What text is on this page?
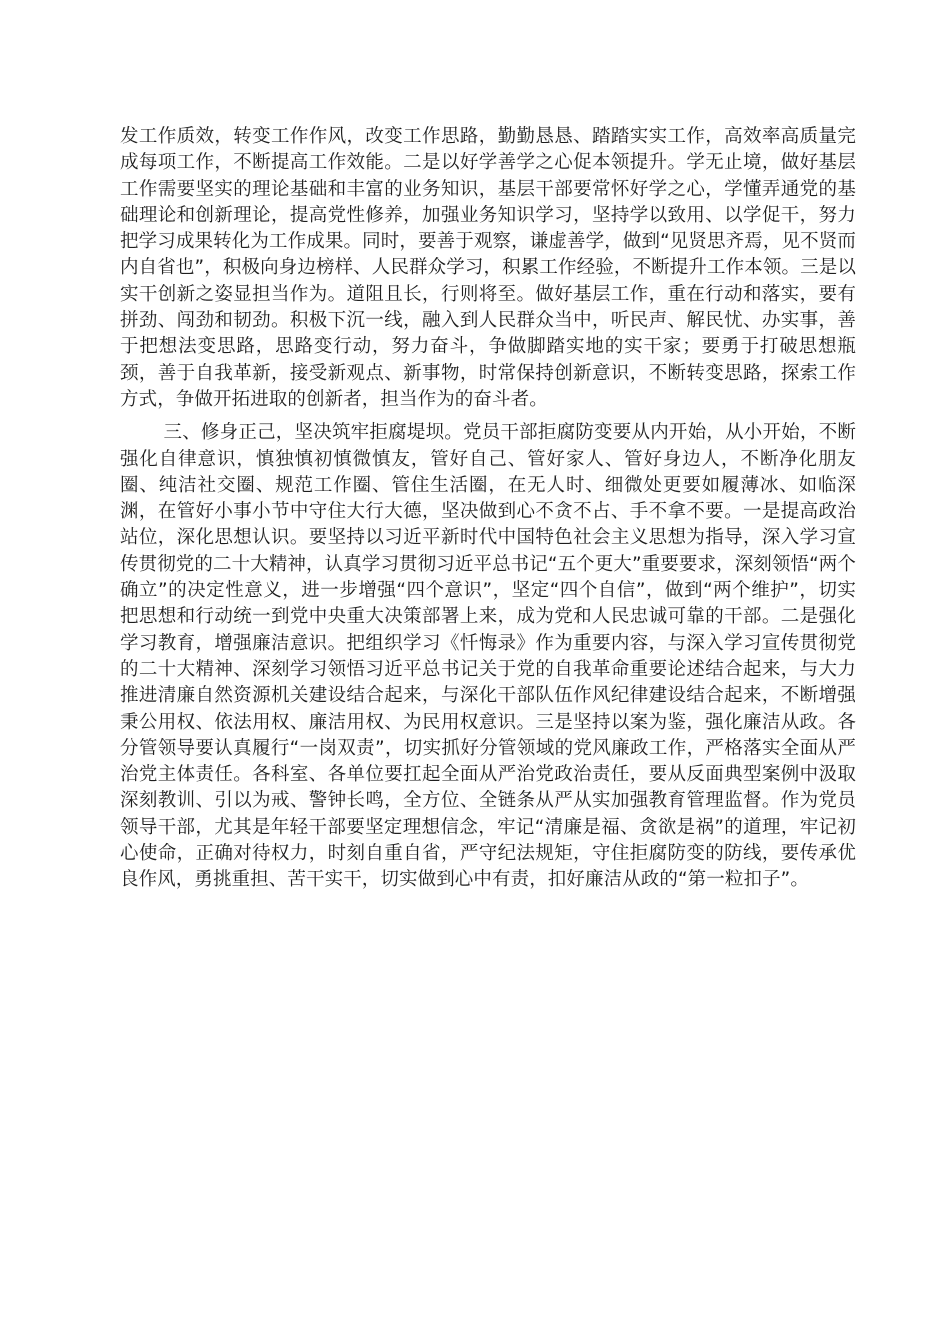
发工作质效，转变工作作风，改变工作思路，勤勤恳恳、踏踏实实工作，高效率高质量完成每项工作，不断提高工作效能。二是以好学善学之心促本领提升。学无止境，做好基层工作需要坚实的理论基础和丰富的业务知识，基层干部要常怀好学之心，学懂弄通党的基础理论和创新理论，提高党性修养，加强业务知识学习，坚持学以致用、以学促干，努力把学习成果转化为工作成果。同时，要善于观察，谦虚善学，做到“见贤思齐焉，见不贤而内自省也”，积极向身边榜样、人民群众学习，积累工作经验，不断提升工作本领。三是以实干创新之姿显担当作为。道阻且长，行则将至。做好基层工作，重在行动和落实，要有拼劲、闯劲和韧劲。积极下沉一线，融入到人民群众当中，听民声、解民忧、办实事，善于把想法变思路，思路变行动，努力奋斗，争做脚踏实地的实干家；要勇于打破思想瓶颈，善于自我革新，接受新观点、新事物，时常保持创新意识，不断转变思路，探索工作方式，争做开拓进取的创新者，担当作为的奋斗者。

三、修身正己，坚决筑牢拒腐堤坝。党员干部拒腐防变要从内开始，从小开始，不断强化自律意识，慎独慎初慎微慎友，管好自己、管好家人、管好身边人，不断净化朋友圈、纯洁社交圈、规范工作圈、管住生活圈，在无人时、细微处更要如履薄冰、如临深渊，在管好小事小节中守住大行大德，坚决做到心不贪不占、手不拿不要。一是提高政治站位，深化思想认识。要坚持以习近平新时代中国特色社会主义思想为指导，深入学习宣传贯彻党的二十大精神，认真学习贯彻习近平总书记“五个更大”重要要求，深刻领悟“两个确立”的决定性意义，进一步增强“四个意识”，坚定“四个自信”，做到“两个维护”，切实把思想和行动统一到党中央重大决策部署上来，成为党和人民忠诚可靠的干部。二是强化学习教育，增强廉洁意识。把组织学习《忏悔录》作为重要内容，与深入学习宣传贯彻党的二十大精神、深刻学习领悟习近平总书记关于党的自我革命重要论述结合起来，与大力推进清廉自然资源机关建设结合起来，与深化干部队伍作风纪律建设结合起来，不断增强秉公用权、依法用权、廉洁用权、为民用权意识。三是坚持以案为鉴，强化廉洁从政。各分管领导要认真履行“一岗双责”，切实抓好分管领域的党风廉政工作，严格落实全面从严治党主体责任。各科室、各单位要扛起全面从严治党政治责任，要从反面典型案例中汲取深刻教训、引以为戒、警钟长鸣，全方位、全链条从严从实加强教育管理监督。作为党员领导干部，尤其是年轻干部要坚定理想信念，牢记“清廉是福、贪欲是祸”的道理，牢记初心使命，正确对待权力，时刻自重自省，严守纪法规矩，守住拒腐防变的防线，要传承优良作风，勇挑重担、苦干实干，切实做到心中有责，扣好廉洁从政的“第一粒扣子”。
